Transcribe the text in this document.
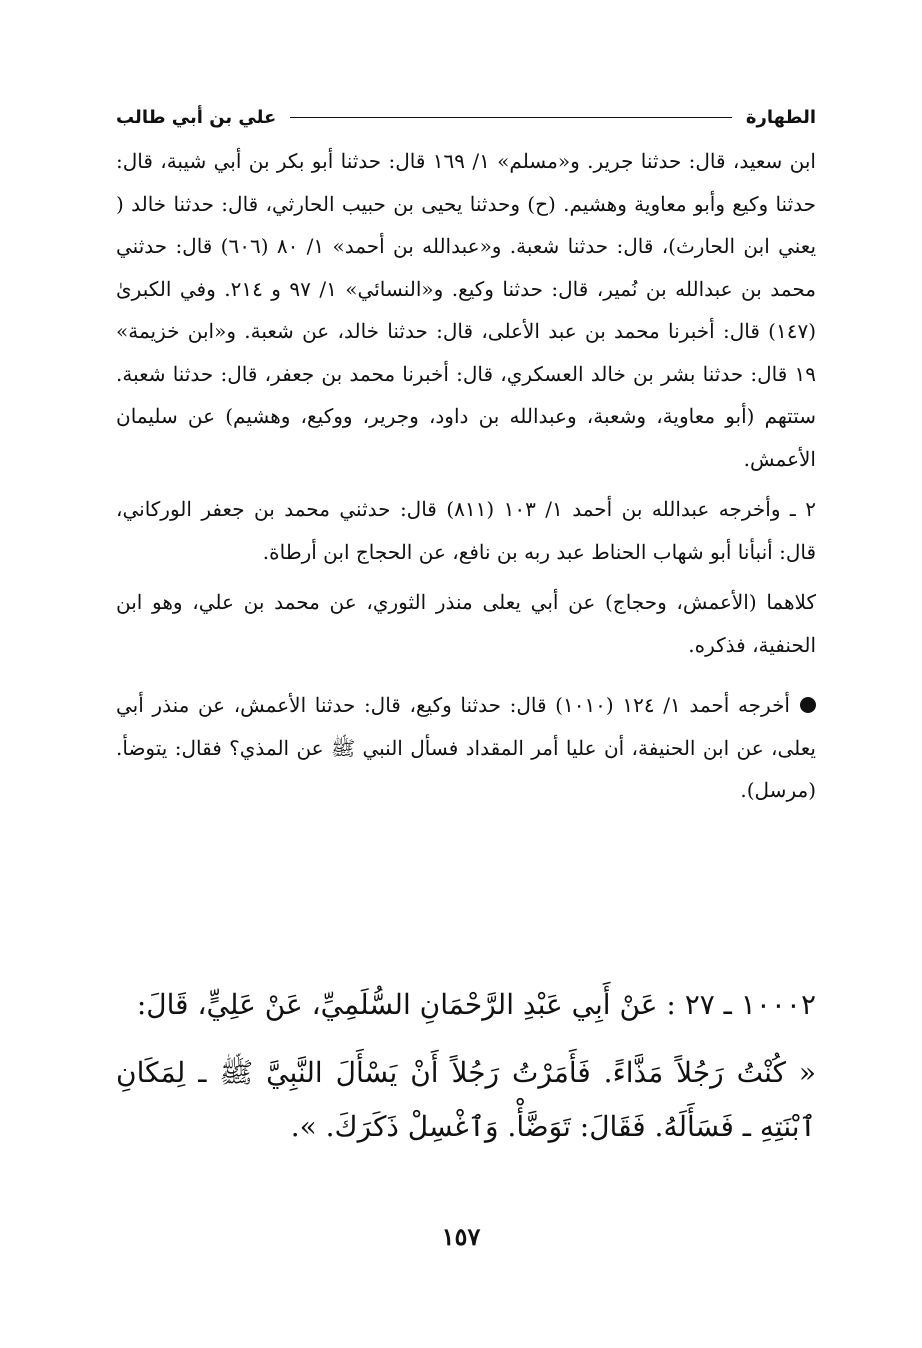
الطهارة
علي بن أبي طالب

ابن سعيد، قال: حدثنا جرير. و«مسلم» ١/ ١٦٩ قال: حدثنا أبو بكر بن أبي شيبة، قال: حدثنا وكيع وأبو معاوية وهشيم. (ح) وحدثنا يحيى بن حبيب الحارثي، قال: حدثنا خالد ( يعني ابن الحارث)، قال: حدثنا شعبة. و«عبدالله بن أحمد» ١/ ٨٠ (٦٠٦) قال: حدثني محمد بن عبدالله بن نُمير، قال: حدثنا وكيع. و«النسائي» ١/ ٩٧ و ٢١٤. وفي الكبرىٰ (١٤٧) قال: أخبرنا محمد بن عبد الأعلى، قال: حدثنا خالد، عن شعبة. و«ابن خزيمة» ١٩ قال: حدثنا بشر بن خالد العسكري، قال: أخبرنا محمد بن جعفر، قال: حدثنا شعبة. ستتهم (أبو معاوية، وشعبة، وعبدالله بن داود، وجرير، ووكيع، وهشيم) عن سليمان الأعمش.

٢ ـ وأخرجه عبدالله بن أحمد ١/ ١٠٣ (٨١١) قال: حدثني محمد بن جعفر الوركاني، قال: أنبأنا أبو شهاب الحناط عبد ربه بن نافع، عن الحجاج ابن أرطاة.

كلاهما (الأعمش، وحجاج) عن أبي يعلى منذر الثوري، عن محمد بن علي، وهو ابن الحنفية، فذكره.

أخرجه أحمد ١/ ١٢٤ (١٠١٠) قال: حدثنا وكيع، قال: حدثنا الأعمش، عن منذر أبي يعلى، عن ابن الحنيفة، أن عليا أمر المقداد فسأل النبي ﷺ عن المذي؟ فقال: يتوضأ. (مرسل).

١٠٠٠٢ ـ ٢٧ : عَنْ أَبِي عَبْدِ الرَّحْمَانِ السُّلَمِيِّ، عَنْ عَلِيٍّ، قَالَ:

« كُنْتُ رَجُلاً مَذَّاءً. فَأَمَرْتُ رَجُلاً أَنْ يَسْأَلَ النَّبِيَّ ﷺ ـ لِمَكَانِ ٱبْنَتِهِ ـ فَسَأَلَهُ. فَقَالَ: تَوَضَّأْ. وَٱغْسِلْ ذَكَرَكَ. ».

١٥٧
